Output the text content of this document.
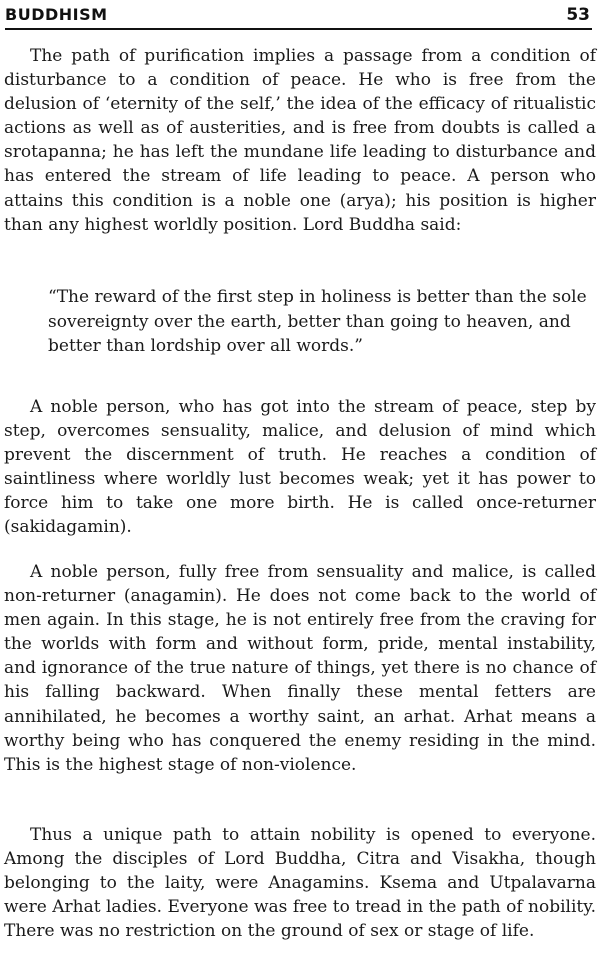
BUDDHISM	53

The path of purification implies a passage from a condition of disturbance to a condition of peace. He who is free from the delusion of ‘eternity of the self,’ the idea of the efficacy of ritualistic actions as well as of austerities, and is free from doubts is called a srotapanna; he has left the mundane life leading to disturbance and has entered the stream of life leading to peace. A person who attains this condition is a noble one (arya); his position is higher than any highest worldly position. Lord Buddha said:

“The reward of the first step in holiness is better than the sole sovereignty over the earth, better than going to heaven, and better than lordship over all words.”

A noble person, who has got into the stream of peace, step by step, overcomes sensuality, malice, and delusion of mind which prevent the discernment of truth. He reaches a condition of saintliness where worldly lust becomes weak; yet it has power to force him to take one more birth. He is called once-returner (sakidagamin).

A noble person, fully free from sensuality and malice, is called non-returner (anagamin). He does not come back to the world of men again. In this stage, he is not entirely free from the craving for the worlds with form and without form, pride, mental instability, and ignorance of the true nature of things, yet there is no chance of his falling backward. When finally these mental fetters are annihilated, he becomes a worthy saint, an arhat. Arhat means a worthy being who has conquered the enemy residing in the mind. This is the highest stage of non-violence.

Thus a unique path to attain nobility is opened to everyone. Among the disciples of Lord Buddha, Citra and Visakha, though belonging to the laity, were Anagamins. Ksema and Utpalavarna were Arhat ladies. Everyone was free to tread in the path of nobility. There was no restriction on the ground of sex or stage of life.
